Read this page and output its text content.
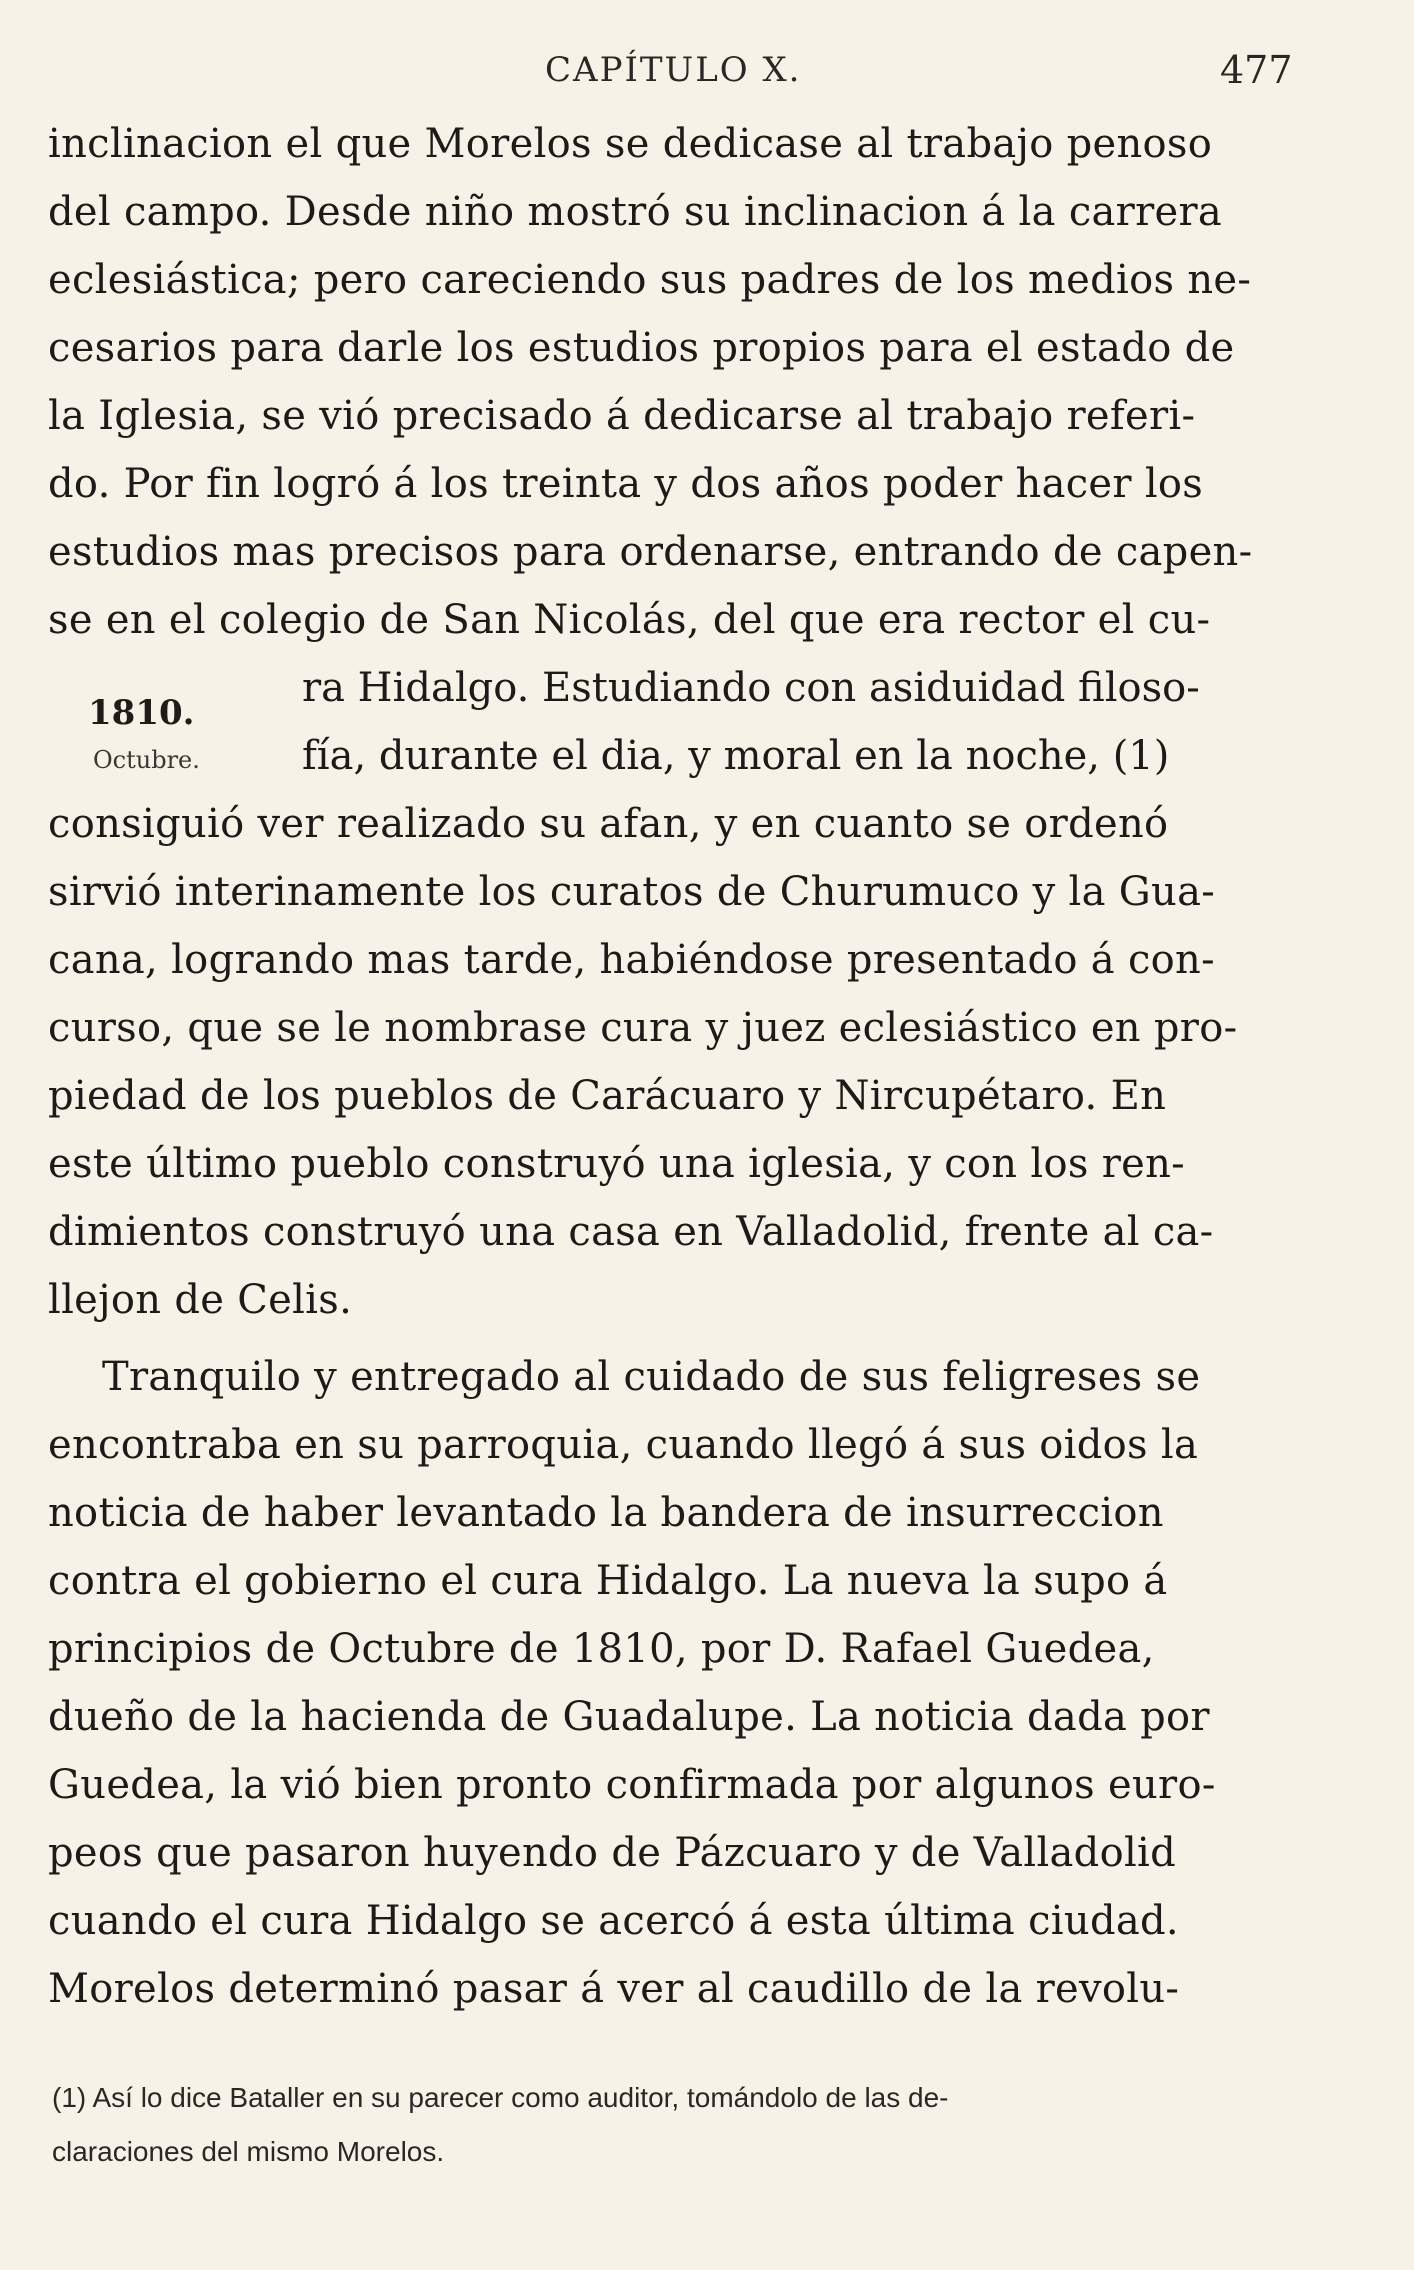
CAPÍTULO X.	477
inclinacion el que Morelos se dedicase al trabajo penoso
del campo. Desde niño mostró su inclinacion á la carrera
eclesiástica; pero careciendo sus padres de los medios ne-
cesarios para darle los estudios propios para el estado de
la Iglesia, se vió precisado á dedicarse al trabajo referi-
do. Por fin logró á los treinta y dos años poder hacer los
estudios mas precisos para ordenarse, entrando de capen-
se en el colegio de San Nicolás, del que era rector el cu-
1810.
Octubre.
ra Hidalgo. Estudiando con asiduidad filoso-
fía, durante el dia, y moral en la noche, (1)
consiguió ver realizado su afan, y en cuanto se ordenó
sirvió interinamente los curatos de Churumuco y la Gua-
cana, logrando mas tarde, habiéndose presentado á con-
curso, que se le nombrase cura y juez eclesiástico en pro-
piedad de los pueblos de Carácuaro y Nircupétaro. En
este último pueblo construyó una iglesia, y con los ren-
dimientos construyó una casa en Valladolid, frente al ca-
llejon de Celis.
Tranquilo y entregado al cuidado de sus feligreses se
encontraba en su parroquia, cuando llegó á sus oidos la
noticia de haber levantado la bandera de insurreccion
contra el gobierno el cura Hidalgo. La nueva la supo á
principios de Octubre de 1810, por D. Rafael Guedea,
dueño de la hacienda de Guadalupe. La noticia dada por
Guedea, la vió bien pronto confirmada por algunos euro-
peos que pasaron huyendo de Pázcuaro y de Valladolid
cuando el cura Hidalgo se acercó á esta última ciudad.
Morelos determinó pasar á ver al caudillo de la revolu-
(1) Así lo dice Bataller en su parecer como auditor, tomándolo de las de-
claraciones del mismo Morelos.
